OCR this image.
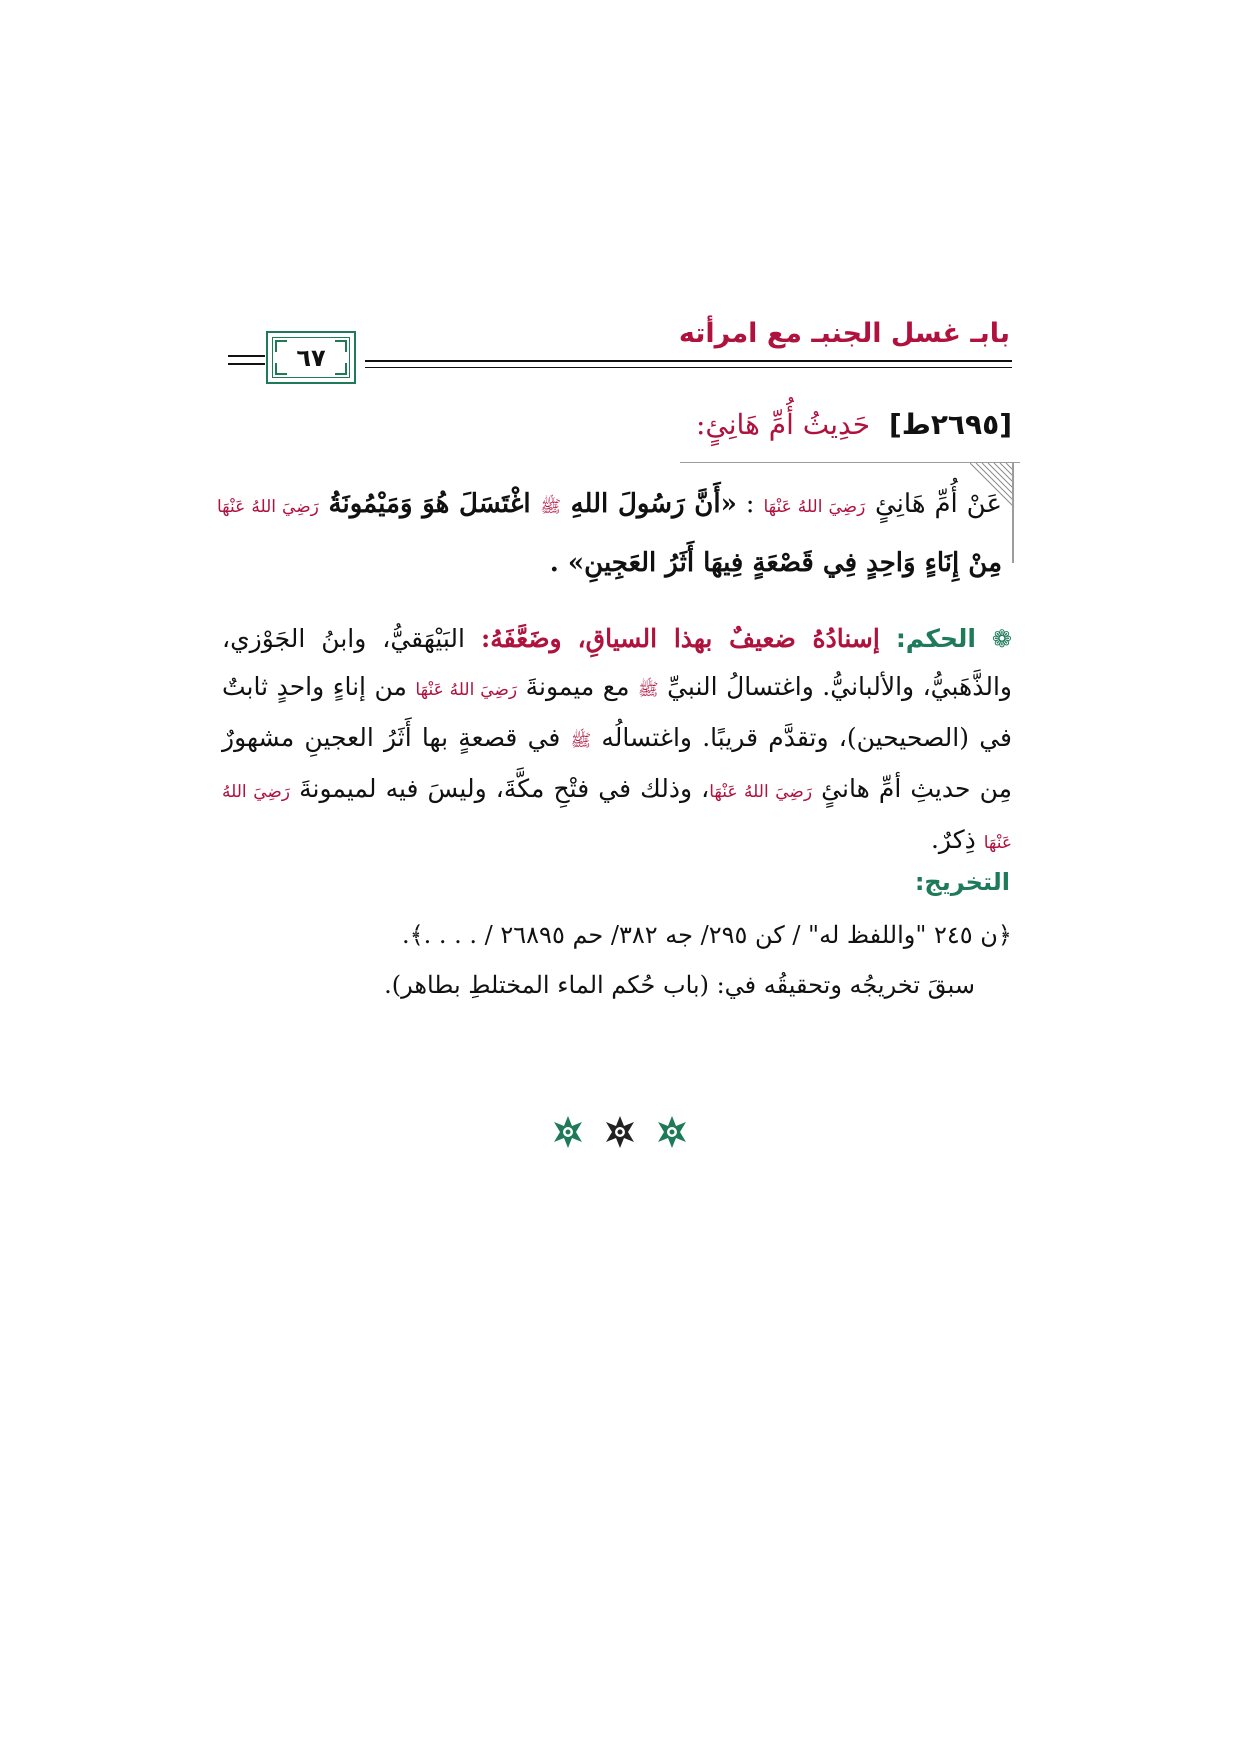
بابـ غسل الجنبـ مع امرأته
٦٧
[٢٦٩٥ط] حَدِيثُ أُمِّ هَانِئٍ:
عَنْ أُمِّ هَانِئٍ رَضِيَ اللهُ عَنْهَا : «أَنَّ رَسُولَ اللهِ ﷺ اغْتَسَلَ هُوَ وَمَيْمُونَةُ رَضِيَ اللهُ عَنْهَا مِنْ إِنَاءٍ وَاحِدٍ فِي قَصْعَةٍ فِيهَا أَثَرُ العَجِينِ» .
❁ الحكم: إسنادُهُ ضعيفٌ بهذا السياقِ، وضَعَّفَهُ: البَيْهَقيُّ، وابنُ الجَوْزي، والذَّهَبيُّ، والألبانيُّ. واغتسالُ النبيِّ ﷺ مع ميمونةَ رَضِيَ اللهُ عَنْهَا من إناءٍ واحدٍ ثابتٌ في (الصحيحين)، وتقدَّم قريبًا. واغتسالُه ﷺ في قصعةٍ بها أَثَرُ العجينِ مشهورٌ مِن حديثِ أمِّ هانئٍ رَضِيَ اللهُ عَنْهَا، وذلك في فتْحِ مكَّةَ، وليسَ فيه لميمونةَ رَضِيَ اللهُ عَنْهَا ذِكرٌ.
التخريج:
﴿ن ٢٤٥ "واللفظ له" / كن ٢٩٥/ جه ٣٨٢/ حم ٢٦٨٩٥ / . . . .﴾.
سبقَ تخريجُه وتحقيقُه في: (باب حُكم الماء المختلطِ بطاهر).
